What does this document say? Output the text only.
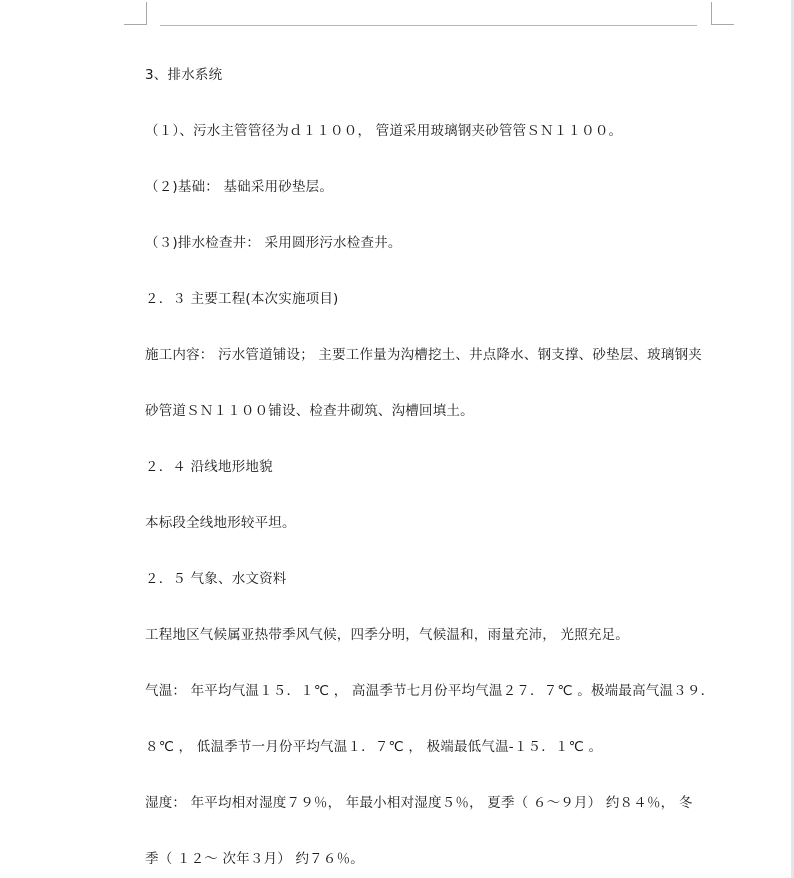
3、排水系统
（１）、污水主管管径为ｄ１１００， 管道采用玻璃钢夹砂管管ＳＮ１１００。
（２)基础： 基础采用砂垫层。
（３)排水检查井： 采用圆形污水检查井。
２．３ 主要工程(本次实施项目)
施工内容： 污水管道铺设； 主要工作量为沟槽挖土、井点降水、钢支撑、砂垫层、玻璃钢夹
砂管道ＳＮ１１００铺设、检查井砌筑、沟槽回填土。
２．４ 沿线地形地貌
本标段全线地形较平坦。
２．５ 气象、水文资料
工程地区气候属亚热带季风气候，四季分明，气候温和，雨量充沛， 光照充足。
气温： 年平均气温１５．１℃ ， 高温季节七月份平均气温２７．７℃ 。极端最高气温３９．
８℃ ， 低温季节一月份平均气温１．７℃ ， 极端最低气温-１５．１℃ 。
湿度： 年平均相对湿度７９％， 年最小相对湿度５％， 夏季（ ６～９月） 约８４％， 冬
季（ １２～ 次年３月） 约７６％。
